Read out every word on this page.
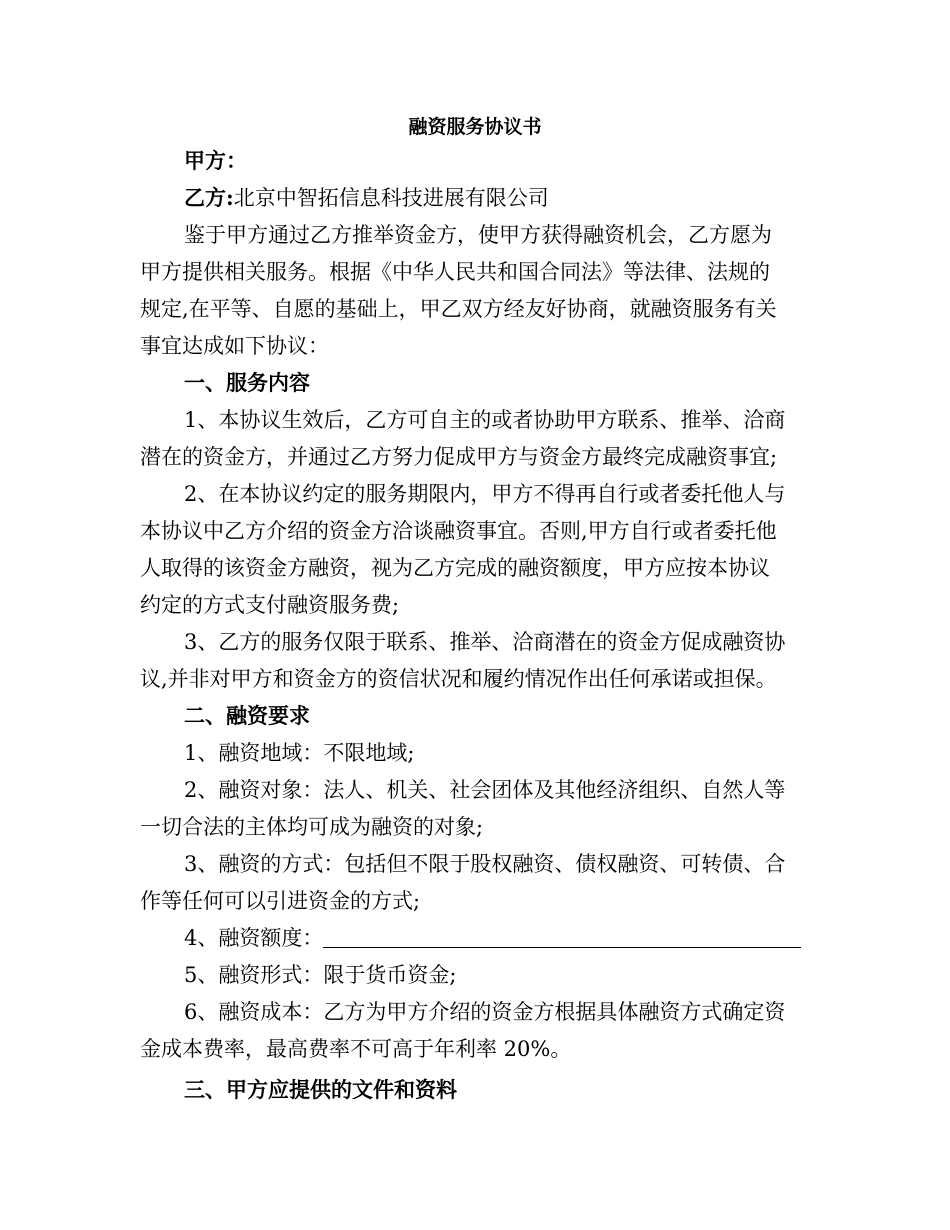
融资服务协议书
甲方：
乙方:北京中智拓信息科技进展有限公司
鉴于甲方通过乙方推举资金方，使甲方获得融资机会，乙方愿为
甲方提供相关服务。根据《中华人民共和国合同法》等法律、法规的
规定,在平等、自愿的基础上，甲乙双方经友好协商，就融资服务有关
事宜达成如下协议：
一、服务内容
1、本协议生效后，乙方可自主的或者协助甲方联系、推举、洽商
潜在的资金方，并通过乙方努力促成甲方与资金方最终完成融资事宜;
2、在本协议约定的服务期限内，甲方不得再自行或者委托他人与
本协议中乙方介绍的资金方洽谈融资事宜。否则,甲方自行或者委托他
人取得的该资金方融资，视为乙方完成的融资额度，甲方应按本协议
约定的方式支付融资服务费;
3、乙方的服务仅限于联系、推举、洽商潜在的资金方促成融资协
议,并非对甲方和资金方的资信状况和履约情况作出任何承诺或担保。
二、融资要求
1、融资地域：不限地域;
2、融资对象：法人、机关、社会团体及其他经济组织、自然人等
一切合法的主体均可成为融资的对象;
3、融资的方式：包括但不限于股权融资、债权融资、可转债、合
作等任何可以引进资金的方式;
4、融资额度：
5、融资形式：限于货币资金;
6、融资成本：乙方为甲方介绍的资金方根据具体融资方式确定资
金成本费率，最高费率不可高于年利率 20%。
三、甲方应提供的文件和资料
